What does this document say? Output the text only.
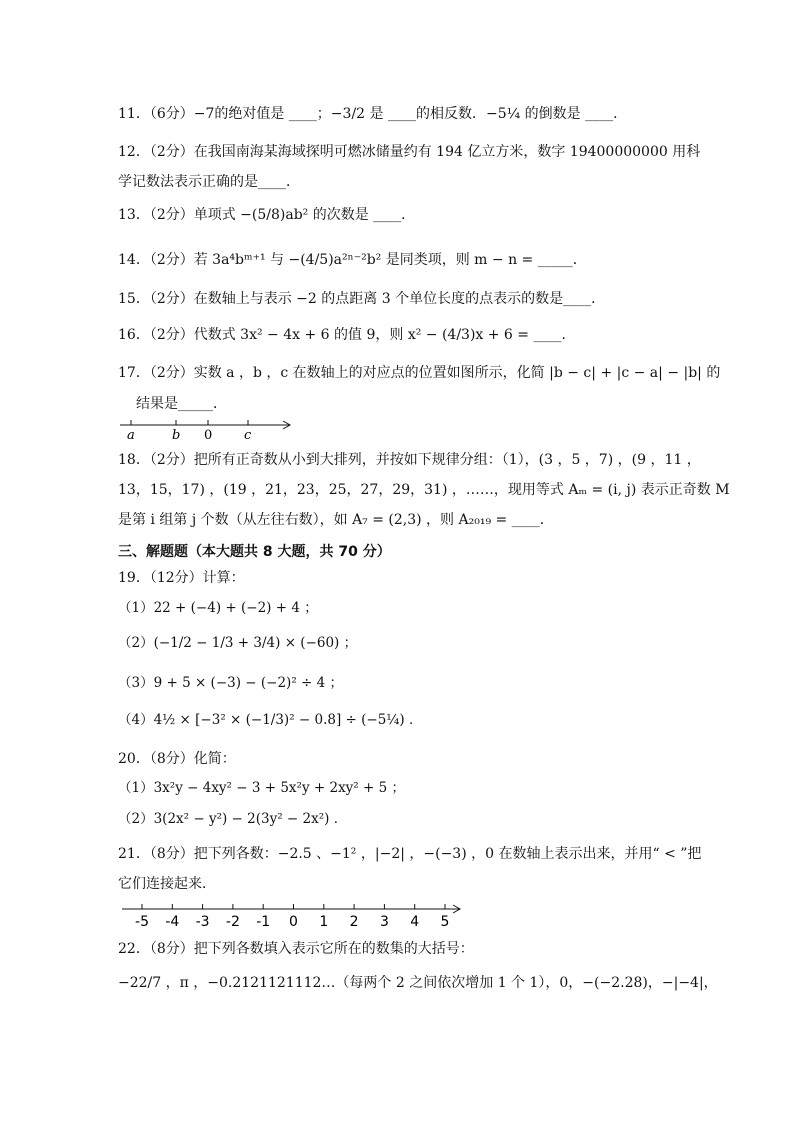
11．（6分）−7的绝对值是 ____；−3/2 是 ____的相反数．−5¼ 的倒数是 ____．
12．（2分）在我国南海某海域探明可燃冰储量约有 194 亿立方米，数字 19400000000 用科
学记数法表示正确的是____．
13．（2分）单项式 −(5/8)ab² 的次数是 ____．
14．（2分）若 3a⁴bᵐ⁺¹ 与 −(4/5)a²ⁿ⁻²b² 是同类项，则 m − n = _____．
15．（2分）在数轴上与表示 −2 的点距离 3 个单位长度的点表示的数是____．
16．（2分）代数式 3x² − 4x + 6 的值 9，则 x² − (4/3)x + 6 = ____．
17．（2分）实数 a ，b ，c 在数轴上的对应点的位置如图所示，化简 |b − c| + |c − a| − |b| 的
结果是_____．
a	b 0 c
18．（2分）把所有正奇数从小到大排列，并按如下规律分组：（1），(3 ，5 ，7) ，(9 ，11 ，
13，15，17) ，(19 ，21，23，25，27，29，31) ，……，现用等式 Aₘ = (i, j) 表示正奇数 M
是第 i 组第 j 个数（从左往右数），如 A₇ = (2,3) ，则 A₂₀₁₉ = ____．
三、解题题（本大题共 8 大题，共 70 分）
19．（12分）计算：
（1）22 + (−4) + (−2) + 4 ；
（2）(−1/2 − 1/3 + 3/4) × (−60) ；
（3）9 + 5 × (−3) − (−2)² ÷ 4 ；
（4）4½ × [−3² × (−1/3)² − 0.8] ÷ (−5¼) ．
20．（8分）化简：
（1）3x²y − 4xy² − 3 + 5x²y + 2xy² + 5 ；
（2）3(2x² − y²) − 2(3y² − 2x²) ．
21．（8分）把下列各数：−2.5 、−1² ，|−2| ，−(−3) ，0 在数轴上表示出来，并用“ < ”把
它们连接起来．
-5 -4 -3 -2 -1 0 1 2 3 4 5
22．（8分）把下列各数填入表示它所在的数集的大括号：
−22/7 ，π ，−0.2121121112…（每两个 2 之间依次增加 1 个 1），0，−(−2.28)，−|−4|，
